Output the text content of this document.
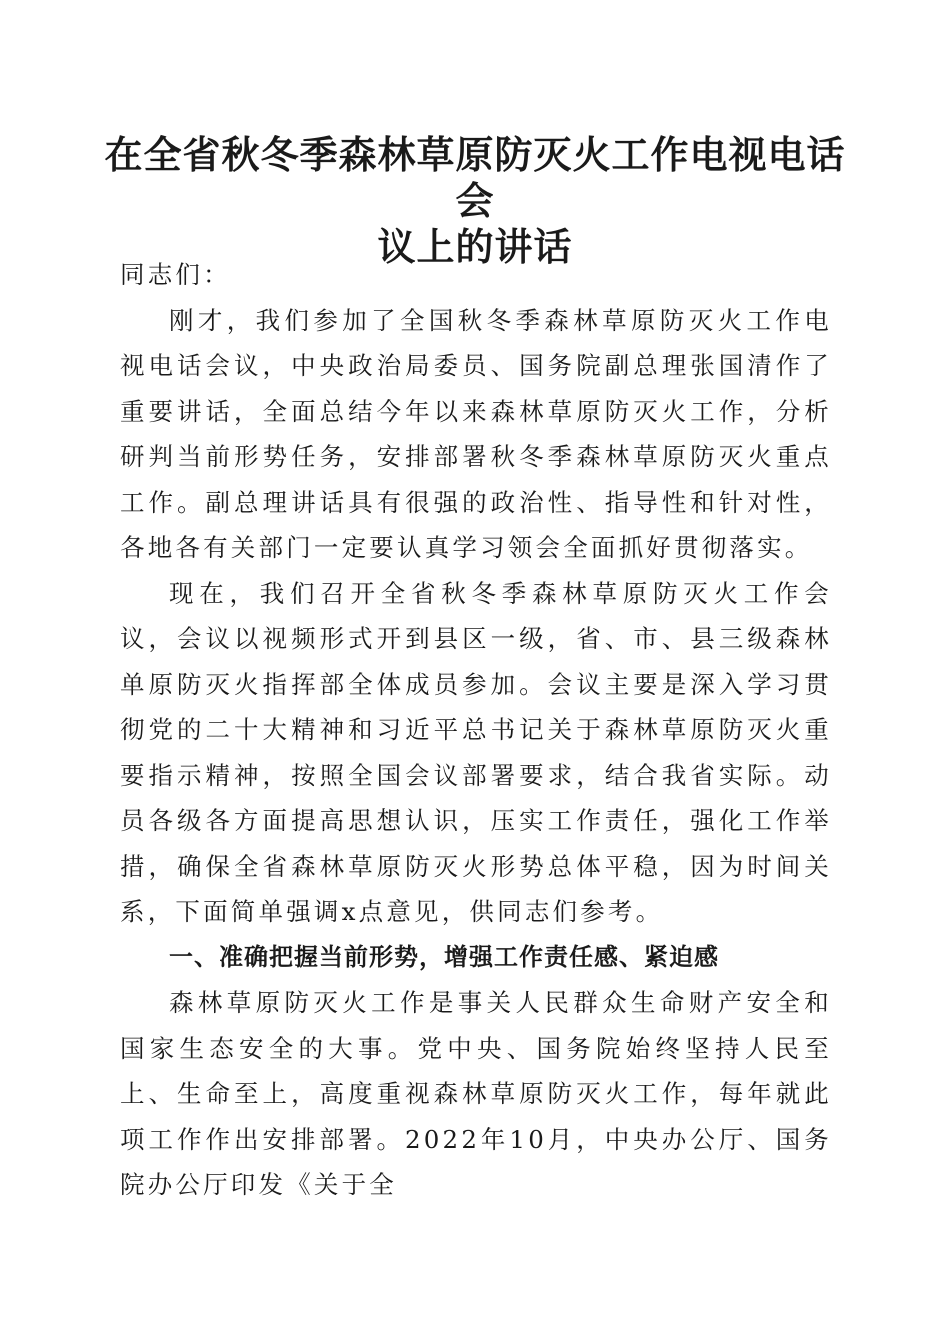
在全省秋冬季森林草原防灭火工作电视电话会
议上的讲话

同志们：

刚才，我们参加了全国秋冬季森林草原防灭火工作电视电话会议，中央政治局委员、国务院副总理张国清作了重要讲话，全面总结今年以来森林草原防灭火工作，分析研判当前形势任务，安排部署秋冬季森林草原防灭火重点工作。副总理讲话具有很强的政治性、指导性和针对性，各地各有关部门一定要认真学习领会全面抓好贯彻落实。

现在，我们召开全省秋冬季森林草原防灭火工作会议，会议以视频形式开到县区一级，省、市、县三级森林单原防灭火指挥部全体成员参加。会议主要是深入学习贯彻党的二十大精神和习近平总书记关于森林草原防灭火重要指示精神，按照全国会议部署要求，结合我省实际。动员各级各方面提高思想认识，压实工作责任，强化工作举措，确保全省森林草原防灭火形势总体平稳，因为时间关系，下面简单强调x点意见，供同志们参考。

一、准确把握当前形势，增强工作责任感、紧迫感

森林草原防灭火工作是事关人民群众生命财产安全和国家生态安全的大事。党中央、国务院始终坚持人民至上、生命至上，高度重视森林草原防灭火工作，每年就此项工作作出安排部署。2022年10月，中央办公厅、国务院办公厅印发《关于全
